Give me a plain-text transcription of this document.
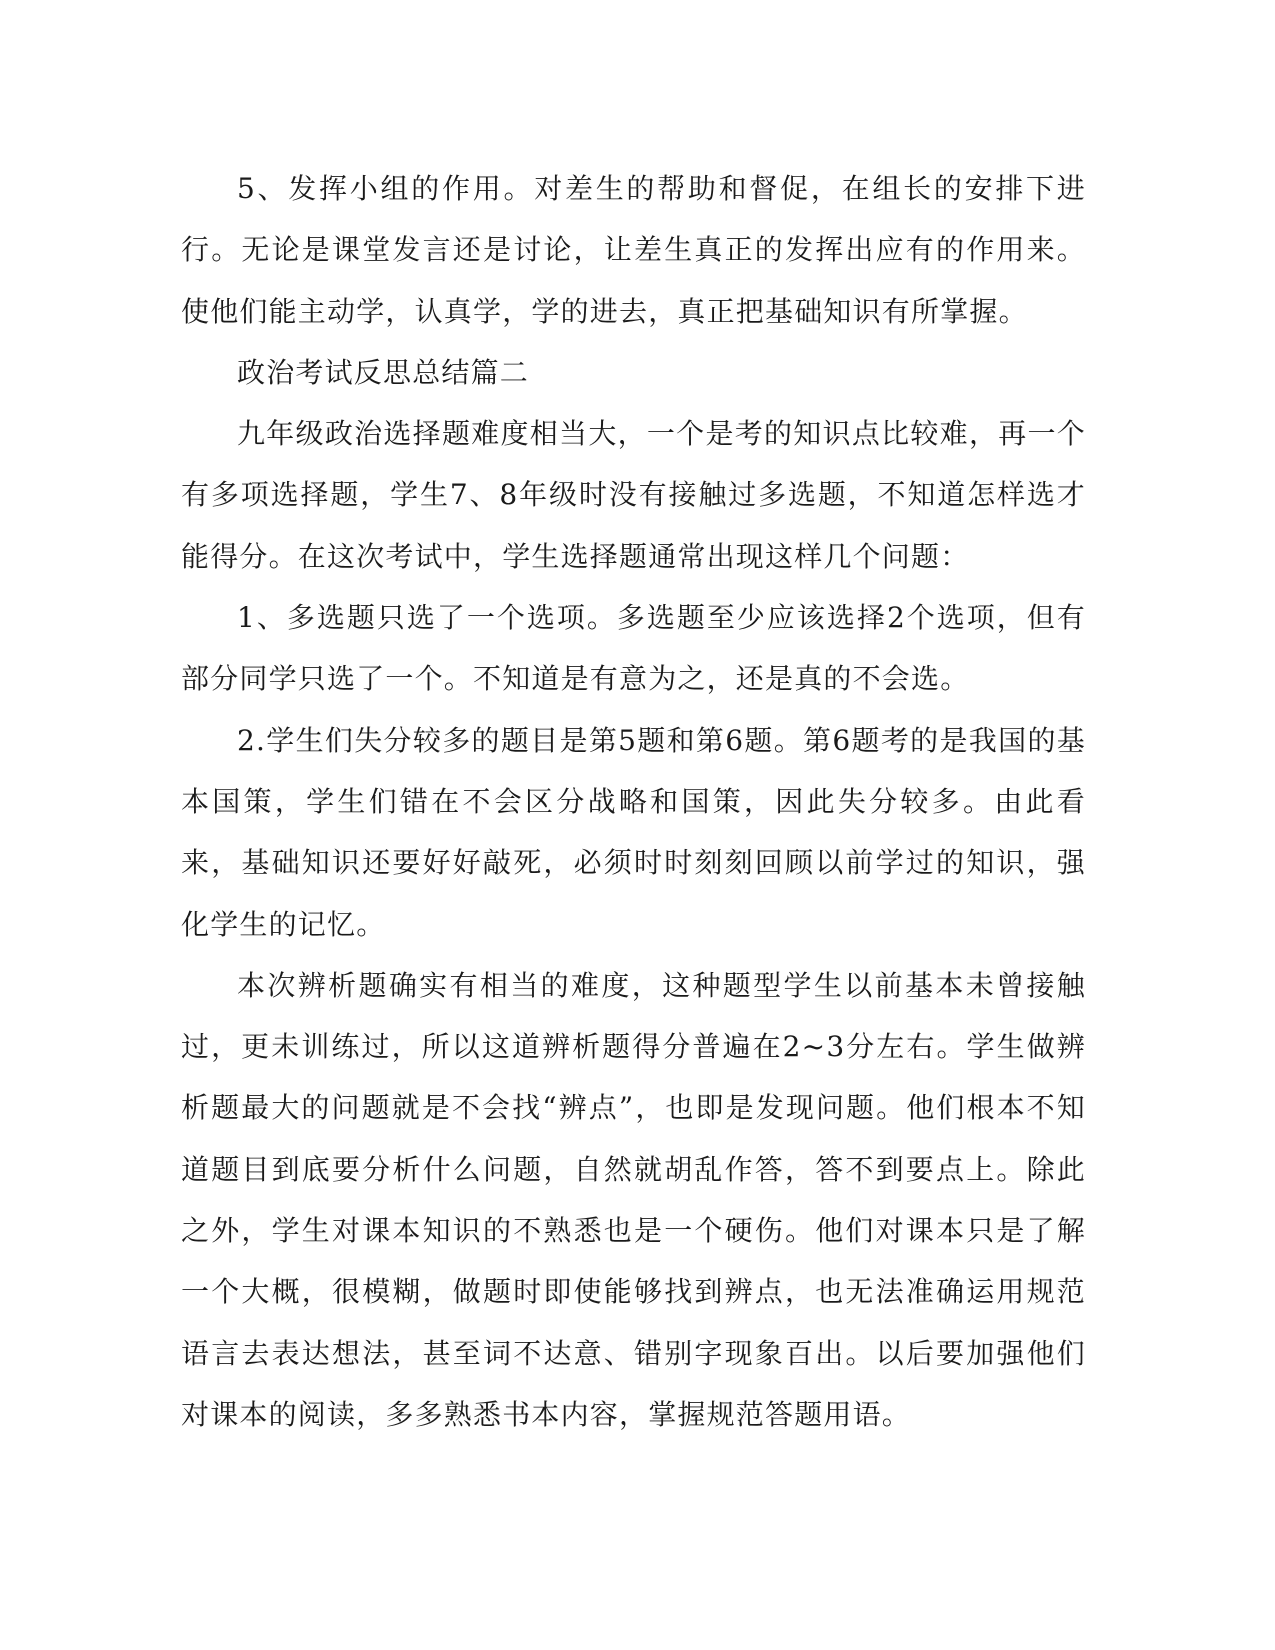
5、发挥小组的作用。对差生的帮助和督促，在组长的安排下进行。无论是课堂发言还是讨论，让差生真正的发挥出应有的作用来。使他们能主动学，认真学，学的进去，真正把基础知识有所掌握。

政治考试反思总结篇二

九年级政治选择题难度相当大，一个是考的知识点比较难，再一个有多项选择题，学生7、8年级时没有接触过多选题，不知道怎样选才能得分。在这次考试中，学生选择题通常出现这样几个问题：

1、多选题只选了一个选项。多选题至少应该选择2个选项，但有部分同学只选了一个。不知道是有意为之，还是真的不会选。

2.学生们失分较多的题目是第5题和第6题。第6题考的是我国的基本国策，学生们错在不会区分战略和国策，因此失分较多。由此看来，基础知识还要好好敲死，必须时时刻刻回顾以前学过的知识，强化学生的记忆。

本次辨析题确实有相当的难度，这种题型学生以前基本未曾接触过，更未训练过，所以这道辨析题得分普遍在2~3分左右。学生做辨析题最大的问题就是不会找“辨点”，也即是发现问题。他们根本不知道题目到底要分析什么问题，自然就胡乱作答，答不到要点上。除此之外，学生对课本知识的不熟悉也是一个硬伤。他们对课本只是了解一个大概，很模糊，做题时即使能够找到辨点，也无法准确运用规范语言去表达想法，甚至词不达意、错别字现象百出。以后要加强他们对课本的阅读，多多熟悉书本内容，掌握规范答题用语。
